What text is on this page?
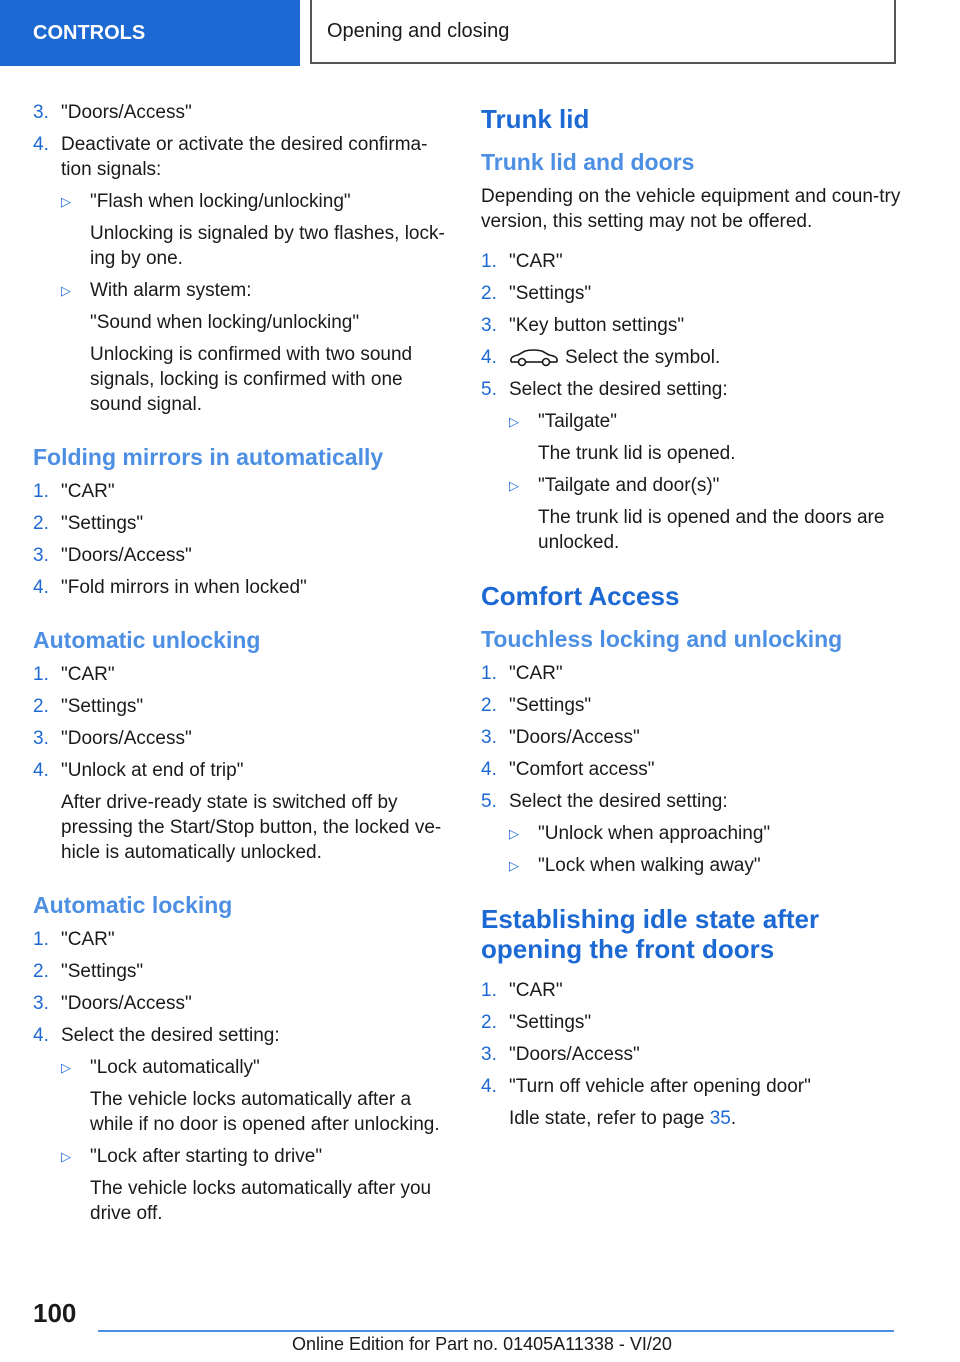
CONTROLS	Opening and closing
3. "Doors/Access"
4. Deactivate or activate the desired confirma-tion signals:
▷ "Flash when locking/unlocking"
Unlocking is signaled by two flashes, lock-ing by one.
▷ With alarm system:
"Sound when locking/unlocking"
Unlocking is confirmed with two sound signals, locking is confirmed with one sound signal.
Folding mirrors in automatically
1. "CAR"
2. "Settings"
3. "Doors/Access"
4. "Fold mirrors in when locked"
Automatic unlocking
1. "CAR"
2. "Settings"
3. "Doors/Access"
4. "Unlock at end of trip"
After drive-ready state is switched off by pressing the Start/Stop button, the locked ve-hicle is automatically unlocked.
Automatic locking
1. "CAR"
2. "Settings"
3. "Doors/Access"
4. Select the desired setting:
▷ "Lock automatically"
The vehicle locks automatically after a while if no door is opened after unlocking.
▷ "Lock after starting to drive"
The vehicle locks automatically after you drive off.
Trunk lid
Trunk lid and doors
Depending on the vehicle equipment and coun-try version, this setting may not be offered.
1. "CAR"
2. "Settings"
3. "Key button settings"
4.	Select the symbol.
5. Select the desired setting:
▷ "Tailgate"
The trunk lid is opened.
▷ "Tailgate and door(s)"
The trunk lid is opened and the doors are unlocked.
Comfort Access
Touchless locking and unlocking
1. "CAR"
2. "Settings"
3. "Doors/Access"
4. "Comfort access"
5. Select the desired setting:
▷ "Unlock when approaching"
▷ "Lock when walking away"
Establishing idle state after opening the front doors
1. "CAR"
2. "Settings"
3. "Doors/Access"
4. "Turn off vehicle after opening door"
Idle state, refer to page 35.
100
Online Edition for Part no. 01405A11338 - VI/20
